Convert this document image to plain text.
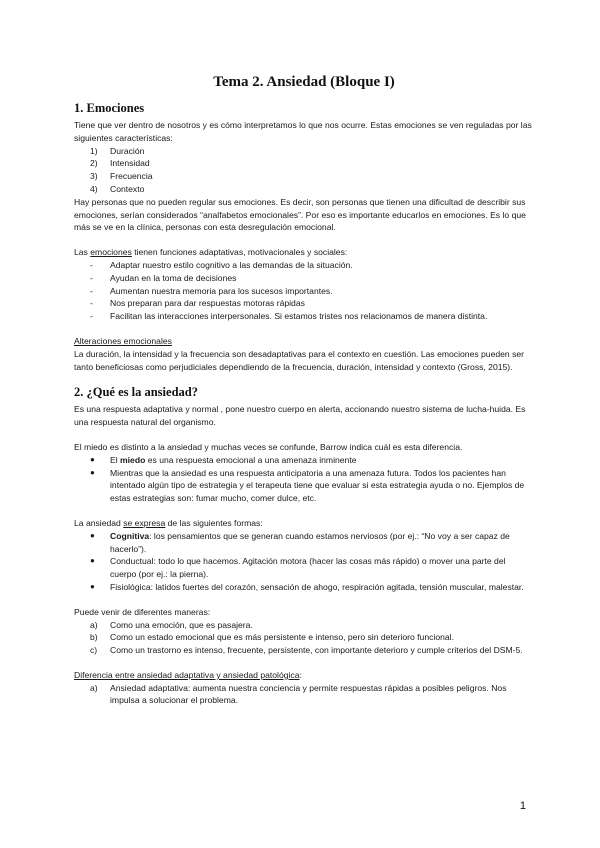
Tema 2. Ansiedad (Bloque I)
1. Emociones

Tiene que ver dentro de nosotros y es cómo interpretamos lo que nos ocurre. Estas emociones se ven reguladas por las siguientes características:

1) Duración
2) Intensidad
3) Frecuencia
4) Contexto

Hay personas que no pueden regular sus emociones. Es decir, son personas que tienen una dificultad de describir sus emociones, serían considerados “analfabetos emocionales”. Por eso es importante educarlos en emociones. Es lo que más se ve en la clínica, personas con esta desregulación emocional.

Las emociones tienen funciones adaptativas, motivacionales y sociales:

- Adaptar nuestro estilo cognitivo a las demandas de la situación.
- Ayudan en la toma de decisiones
- Aumentan nuestra memoria para los sucesos importantes.
- Nos preparan para dar respuestas motoras rápidas
- Facilitan las interacciones interpersonales. Si estamos tristes nos relacionamos de manera distinta.

Alteraciones emocionales

La duración, la intensidad y la frecuencia son desadaptativas para el contexto en cuestión. Las emociones pueden ser tanto beneficiosas como perjudiciales dependiendo de la frecuencia, duración, intensidad y contexto (Gross, 2015).

2. ¿Qué es la ansiedad?

Es una respuesta adaptativa y normal , pone nuestro cuerpo en alerta, accionando nuestro sistema de lucha-huida. Es una respuesta natural del organismo.

El miedo es distinto a la ansiedad y muchas veces se confunde, Barrow indica cuál es esta diferencia.

● El miedo es una respuesta emocional a una amenaza inminente
● Mientras que la ansiedad es una respuesta anticipatoria a una amenaza futura. Todos los pacientes han intentado algún tipo de estrategia y el terapeuta tiene que evaluar si esta estrategia ayuda o no. Ejemplos de estas estrategias son: fumar mucho, comer dulce, etc.

La ansiedad se expresa de las siguientes formas:

● Cognitiva: los pensamientos que se generan cuando estamos nerviosos (por ej.: “No voy a ser capaz de hacerlo”).
● Conductual: todo lo que hacemos. Agitación motora (hacer las cosas más rápido) o mover una parte del cuerpo (por ej.: la pierna).
● Fisiológica: latidos fuertes del corazón, sensación de ahogo, respiración agitada, tensión muscular, malestar.

Puede venir de diferentes maneras:

a) Como una emoción, que es pasajera.
b) Como un estado emocional que es más persistente e intenso, pero sin deterioro funcional.
c) Como un trastorno es intenso, frecuente, persistente, con importante deterioro y cumple criterios del DSM-5.

Diferencia entre ansiedad adaptativa y ansiedad patológica:

a) Ansiedad adaptativa: aumenta nuestra conciencia y permite respuestas rápidas a posibles peligros. Nos impulsa a solucionar el problema.
1
